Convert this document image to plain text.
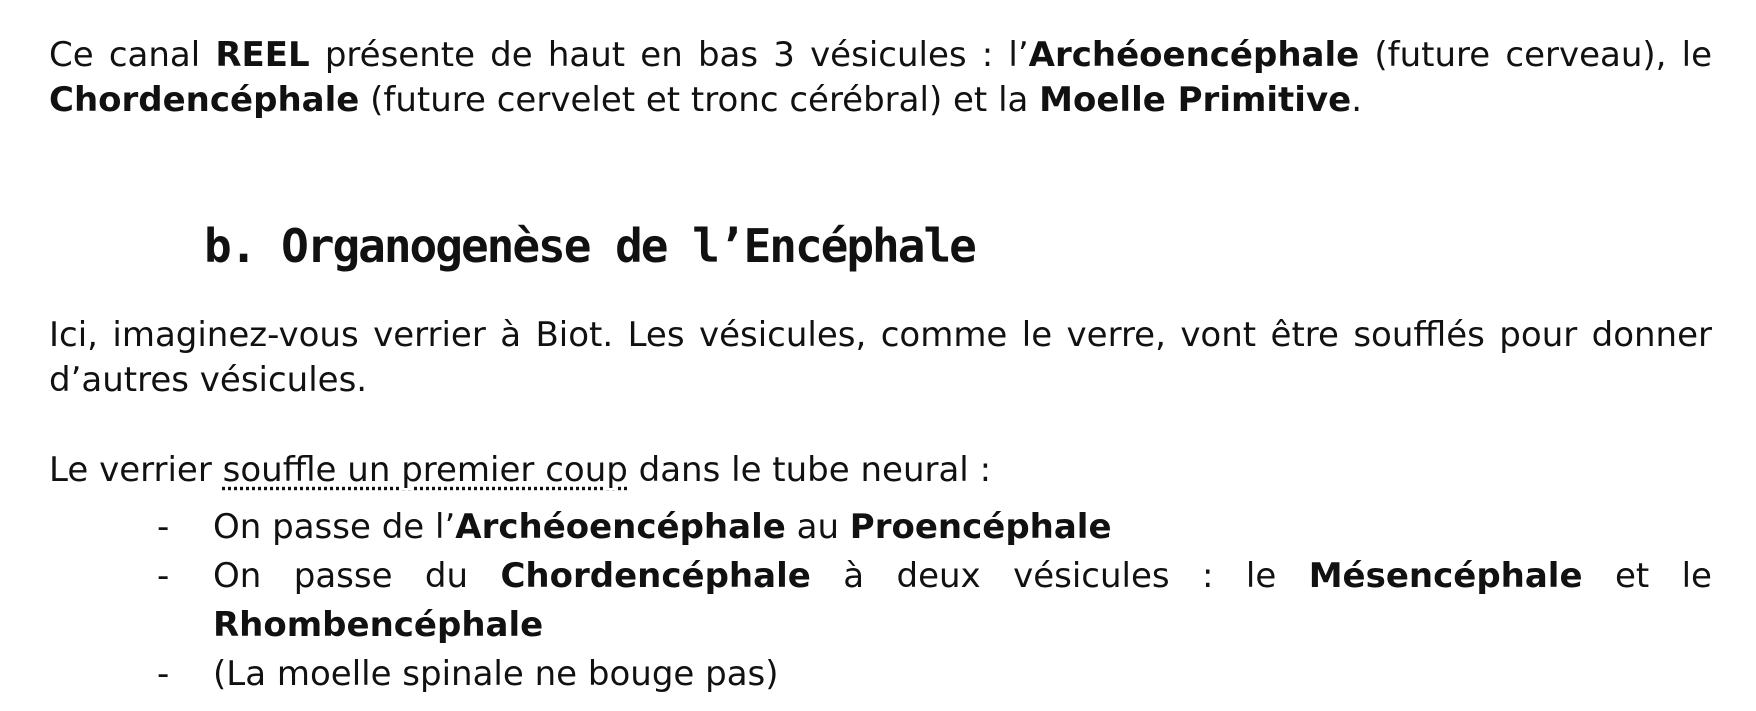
Ce canal REEL présente de haut en bas 3 vésicules : l’Archéoencéphale (future cerveau), le Chordencéphale (future cervelet et tronc cérébral) et la Moelle Primitive.

b. Organogenèse de l’Encéphale

Ici, imaginez-vous verrier à Biot. Les vésicules, comme le verre, vont être soufflés pour donner d’autres vésicules.

Le verrier souffle un premier coup dans le tube neural :

- On passe de l’Archéoencéphale au Proencéphale
- On passe du Chordencéphale à deux vésicules : le Mésencéphale et le Rhombencéphale
- (La moelle spinale ne bouge pas)
